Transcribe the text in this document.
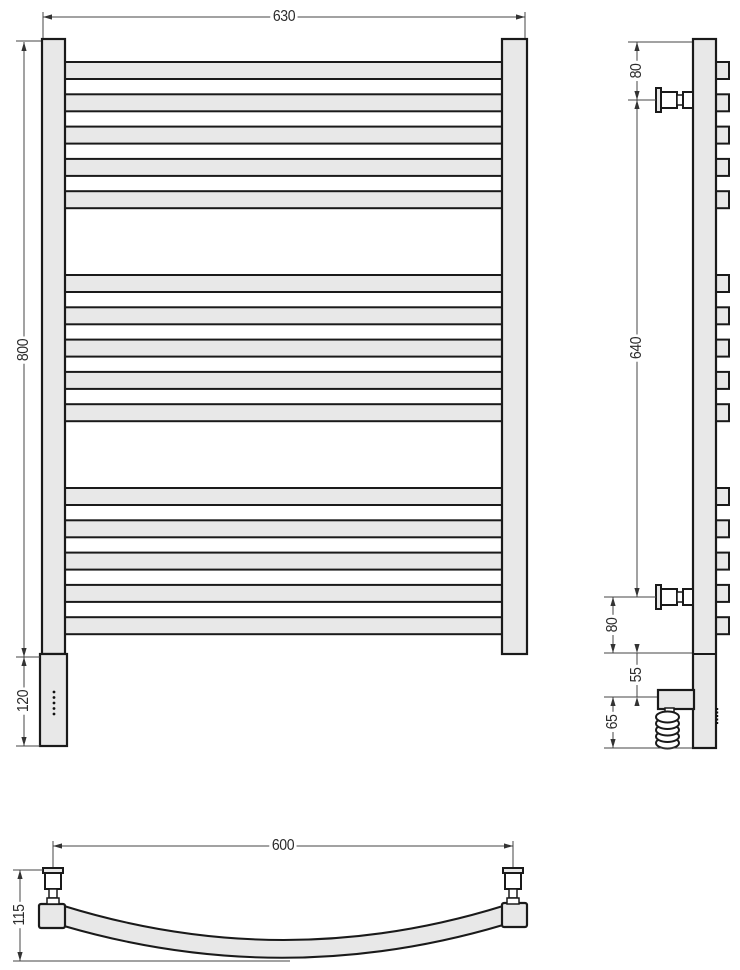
630
800
120
80
640
80
55
65
600
115
